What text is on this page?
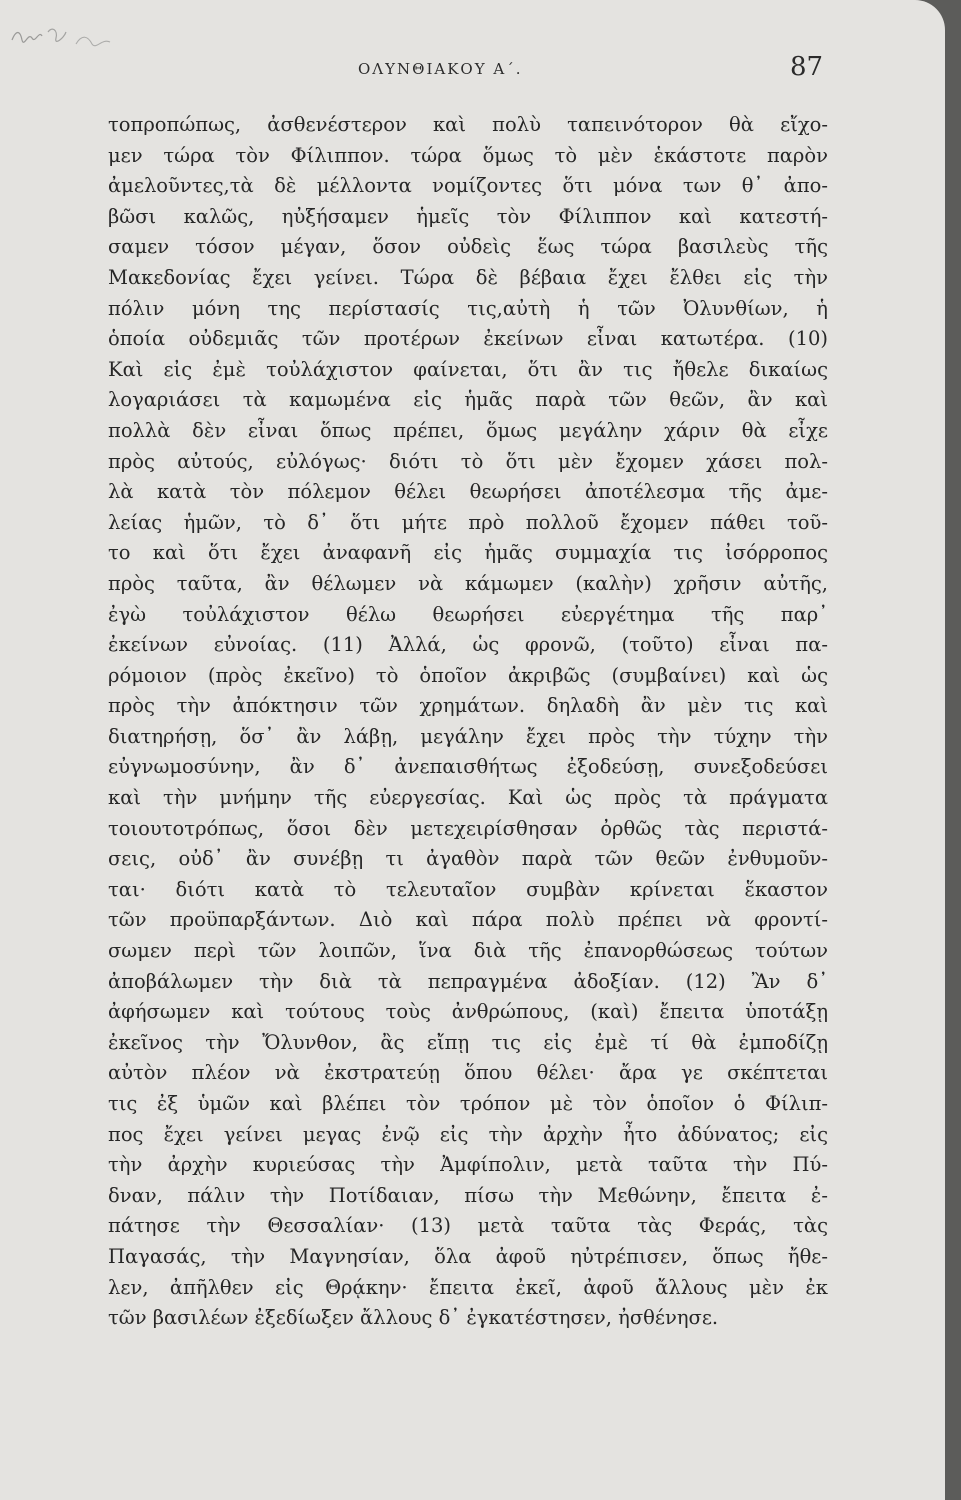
ΟΛΥΝΘΙΑΚΟΥ Α΄.	87
τοπροπώπως, ἀσθενέστερον καὶ πολὺ ταπεινότορον θὰ εἴχο-
μεν τώρα τὸν Φίλιππον. τώρα ὅμως τὸ μὲν ἑκάστοτε παρὸν
ἀμελοῦντες,τὰ δὲ μέλλοντα νομίζοντες ὅτι μόνα των θ᾽ ἀπο-
βῶσι καλῶς, ηὐξήσαμεν ἡμεῖς τὸν Φίλιππον καὶ κατεστή-
σαμεν τόσον μέγαν, ὅσον οὐδεὶς ἕως τώρα βασιλεὺς τῆς
Μακεδονίας ἔχει γείνει. Τώρα δὲ βέβαια ἔχει ἔλθει εἰς τὴν
πόλιν μόνη της περίστασίς τις,αὐτὴ ἡ τῶν Ὀλυνθίων, ἡ
ὁποία οὐδεμιᾶς τῶν προτέρων ἐκείνων εἶναι κατωτέρα. (10)
Καὶ εἰς ἐμὲ τοὐλάχιστον φαίνεται, ὅτι ἂν τις ἤθελε δικαίως
λογαριάσει τὰ καμωμένα εἰς ἡμᾶς παρὰ τῶν θεῶν, ἂν καὶ
πολλὰ δὲν εἶναι ὅπως πρέπει, ὅμως μεγάλην χάριν θὰ εἶχε
πρὸς αὐτούς, εὐλόγως· διότι τὸ ὅτι μὲν ἔχομεν χάσει πολ-
λὰ κατὰ τὸν πόλεμον θέλει θεωρήσει ἀποτέλεσμα τῆς ἀμε-
λείας ἡμῶν, τὸ δ᾽ ὅτι μήτε πρὸ πολλοῦ ἔχομεν πάθει τοῦ-
το καὶ ὅτι ἔχει ἀναφανῆ εἰς ἡμᾶς συμμαχία τις ἰσόρροπος
πρὸς ταῦτα, ἂν θέλωμεν νὰ κάμωμεν (καλὴν) χρῆσιν αὐτῆς,
ἐγὼ τοὐλάχιστον θέλω θεωρήσει εὐεργέτημα τῆς παρ᾽
ἐκείνων εὐνοίας. (11) Ἀλλά, ὡς φρονῶ, (τοῦτο) εἶναι πα-
ρόμοιον (πρὸς ἐκεῖνο) τὸ ὁποῖον ἀκριβῶς (συμβαίνει) καὶ ὡς
πρὸς τὴν ἀπόκτησιν τῶν χρημάτων. δηλαδὴ ἂν μὲν τις καὶ
διατηρήσῃ, ὅσ᾽ ἂν λάβῃ, μεγάλην ἔχει πρὸς τὴν τύχην τὴν
εὐγνωμοσύνην, ἂν δ᾽ ἀνεπαισθήτως ἐξοδεύσῃ, συνεξοδεύσει
καὶ τὴν μνήμην τῆς εὐεργεσίας. Καὶ ὡς πρὸς τὰ πράγματα
τοιουτοτρόπως, ὅσοι δὲν μετεχειρίσθησαν ὀρθῶς τὰς περιστά-
σεις, οὐδ᾽ ἂν συνέβῃ τι ἀγαθὸν παρὰ τῶν θεῶν ἐνθυμοῦν-
ται· διότι κατὰ τὸ τελευταῖον συμβὰν κρίνεται ἕκαστον
τῶν προϋπαρξάντων. Διὸ καὶ πάρα πολὺ πρέπει νὰ φροντί-
σωμεν περὶ τῶν λοιπῶν, ἵνα διὰ τῆς ἐπανορθώσεως τούτων
ἀποβάλωμεν τὴν διὰ τὰ πεπραγμένα ἀδοξίαν. (12) Ἂν δ᾽
ἀφήσωμεν καὶ τούτους τοὺς ἀνθρώπους, (καὶ) ἔπειτα ὑποτάξῃ
ἐκεῖνος τὴν Ὄλυνθον, ἂς εἴπῃ τις εἰς ἐμὲ τί θὰ ἐμποδίζῃ
αὐτὸν πλέον νὰ ἐκστρατεύῃ ὅπου θέλει· ἄρα γε σκέπτεται
τις ἐξ ὑμῶν καὶ βλέπει τὸν τρόπον μὲ τὸν ὁποῖον ὁ Φίλιπ-
πος ἔχει γείνει μεγας ἐνῷ εἰς τὴν ἀρχὴν ἦτο ἀδύνατος; εἰς
τὴν ἀρχὴν κυριεύσας τὴν Ἀμφίπολιν, μετὰ ταῦτα τὴν Πύ-
δναν, πάλιν τὴν Ποτίδαιαν, πίσω τὴν Μεθώνην, ἔπειτα ἐ-
πάτησε τὴν Θεσσαλίαν· (13) μετὰ ταῦτα τὰς Φεράς, τὰς
Παγασάς, τὴν Μαγνησίαν, ὅλα ἀφοῦ ηὐτρέπισεν, ὅπως ἤθε-
λεν, ἀπῆλθεν εἰς Θρᾴκην· ἔπειτα ἐκεῖ, ἀφοῦ ἄλλους μὲν ἐκ
τῶν βασιλέων ἐξεδίωξεν ἄλλους δ᾽ ἐγκατέστησεν, ἠσθένησε.
